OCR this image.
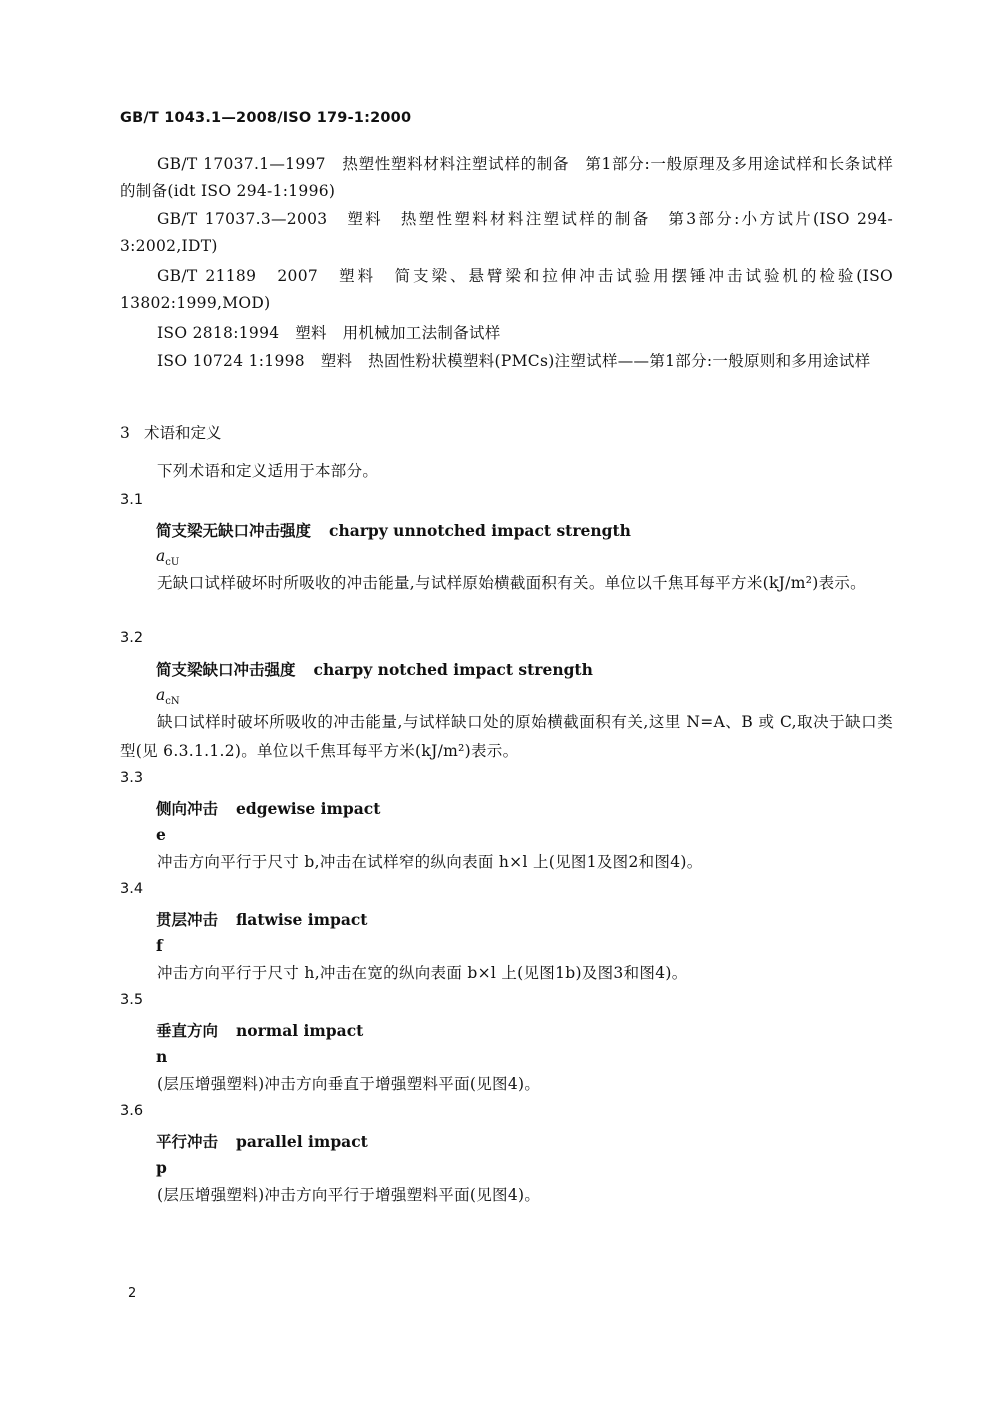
GB/T 1043.1—2008/ISO 179-1:2000
GB/T 17037.1—1997　热塑性塑料材料注塑试样的制备　第1部分:一般原理及多用途试样和长条试样的制备(idt ISO 294-1:1996)
GB/T 17037.3—2003　塑料　热塑性塑料材料注塑试样的制备　第3部分:小方试片(ISO 294-3:2002,IDT)
GB/T 21189　2007　塑料　简支梁、悬臂梁和拉伸冲击试验用摆锤冲击试验机的检验(ISO 13802:1999,MOD)
ISO 2818:1994　塑料　用机械加工法制备试样
ISO 10724 1:1998　塑料　热固性粉状模塑料(PMCs)注塑试样——第1部分:一般原则和多用途试样
3 术语和定义
下列术语和定义适用于本部分。
3.1
简支梁无缺口冲击强度 charpy unnotched impact strength
$a_{cU}$
无缺口试样破坏时所吸收的冲击能量,与试样原始横截面积有关。单位以千焦耳每平方米(kJ/m²)表示。
3.2
简支梁缺口冲击强度 charpy notched impact strength
$a_{cN}$
缺口试样时破坏所吸收的冲击能量,与试样缺口处的原始横截面积有关,这里 N=A、B 或 C,取决于缺口类型(见 6.3.1.1.2)。单位以千焦耳每平方米(kJ/m²)表示。
3.3
侧向冲击 edgewise impact
e
冲击方向平行于尺寸 b,冲击在试样窄的纵向表面 h×l 上(见图1及图2和图4)。
3.4
贯层冲击 flatwise impact
f
冲击方向平行于尺寸 h,冲击在宽的纵向表面 b×l 上(见图1b)及图3和图4)。
3.5
垂直方向 normal impact
n
(层压增强塑料)冲击方向垂直于增强塑料平面(见图4)。
3.6
平行冲击 parallel impact
p
(层压增强塑料)冲击方向平行于增强塑料平面(见图4)。
2
